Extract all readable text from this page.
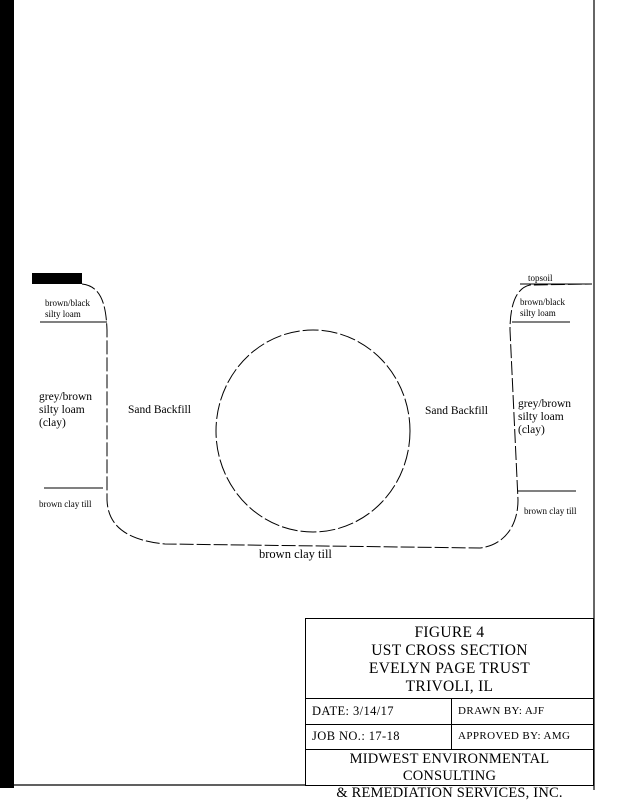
topsoil
brown/black
silty loam
brown/black
silty loam
grey/brown
silty loam
(clay)
grey/brown
silty loam
(clay)
brown clay till
brown clay till
brown clay till
Sand Backfill	Sand Backfill
FIGURE 4
UST CROSS SECTION
EVELYN PAGE TRUST
TRIVOLI, IL
DATE: 3/14/17	DRAWN BY: AJF
JOB NO.: 17-18	APPROVED BY: AMG
MIDWEST ENVIRONMENTAL CONSULTING
& REMEDIATION SERVICES, INC.
